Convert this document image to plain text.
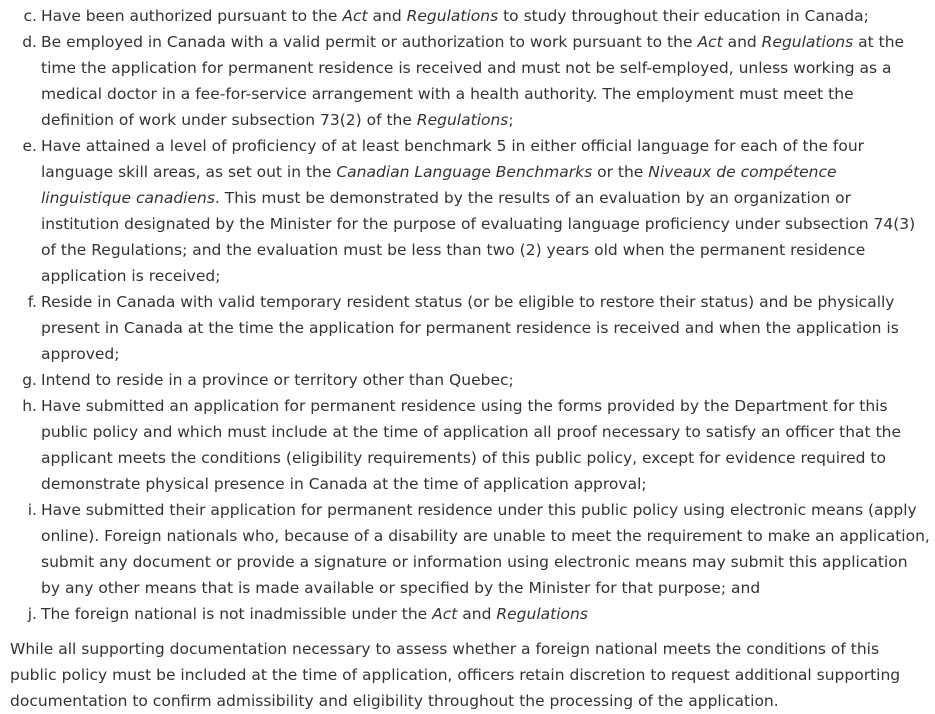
c. Have been authorized pursuant to the Act and Regulations to study throughout their education in Canada;
d. Be employed in Canada with a valid permit or authorization to work pursuant to the Act and Regulations at the time the application for permanent residence is received and must not be self-employed, unless working as a medical doctor in a fee-for-service arrangement with a health authority. The employment must meet the definition of work under subsection 73(2) of the Regulations;
e. Have attained a level of proficiency of at least benchmark 5 in either official language for each of the four language skill areas, as set out in the Canadian Language Benchmarks or the Niveaux de compétence linguistique canadiens. This must be demonstrated by the results of an evaluation by an organization or institution designated by the Minister for the purpose of evaluating language proficiency under subsection 74(3) of the Regulations; and the evaluation must be less than two (2) years old when the permanent residence application is received;
f. Reside in Canada with valid temporary resident status (or be eligible to restore their status) and be physically present in Canada at the time the application for permanent residence is received and when the application is approved;
g. Intend to reside in a province or territory other than Quebec;
h. Have submitted an application for permanent residence using the forms provided by the Department for this public policy and which must include at the time of application all proof necessary to satisfy an officer that the applicant meets the conditions (eligibility requirements) of this public policy, except for evidence required to demonstrate physical presence in Canada at the time of application approval;
i. Have submitted their application for permanent residence under this public policy using electronic means (apply online). Foreign nationals who, because of a disability are unable to meet the requirement to make an application, submit any document or provide a signature or information using electronic means may submit this application by any other means that is made available or specified by the Minister for that purpose; and
j. The foreign national is not inadmissible under the Act and Regulations

While all supporting documentation necessary to assess whether a foreign national meets the conditions of this public policy must be included at the time of application, officers retain discretion to request additional supporting documentation to confirm admissibility and eligibility throughout the processing of the application.
